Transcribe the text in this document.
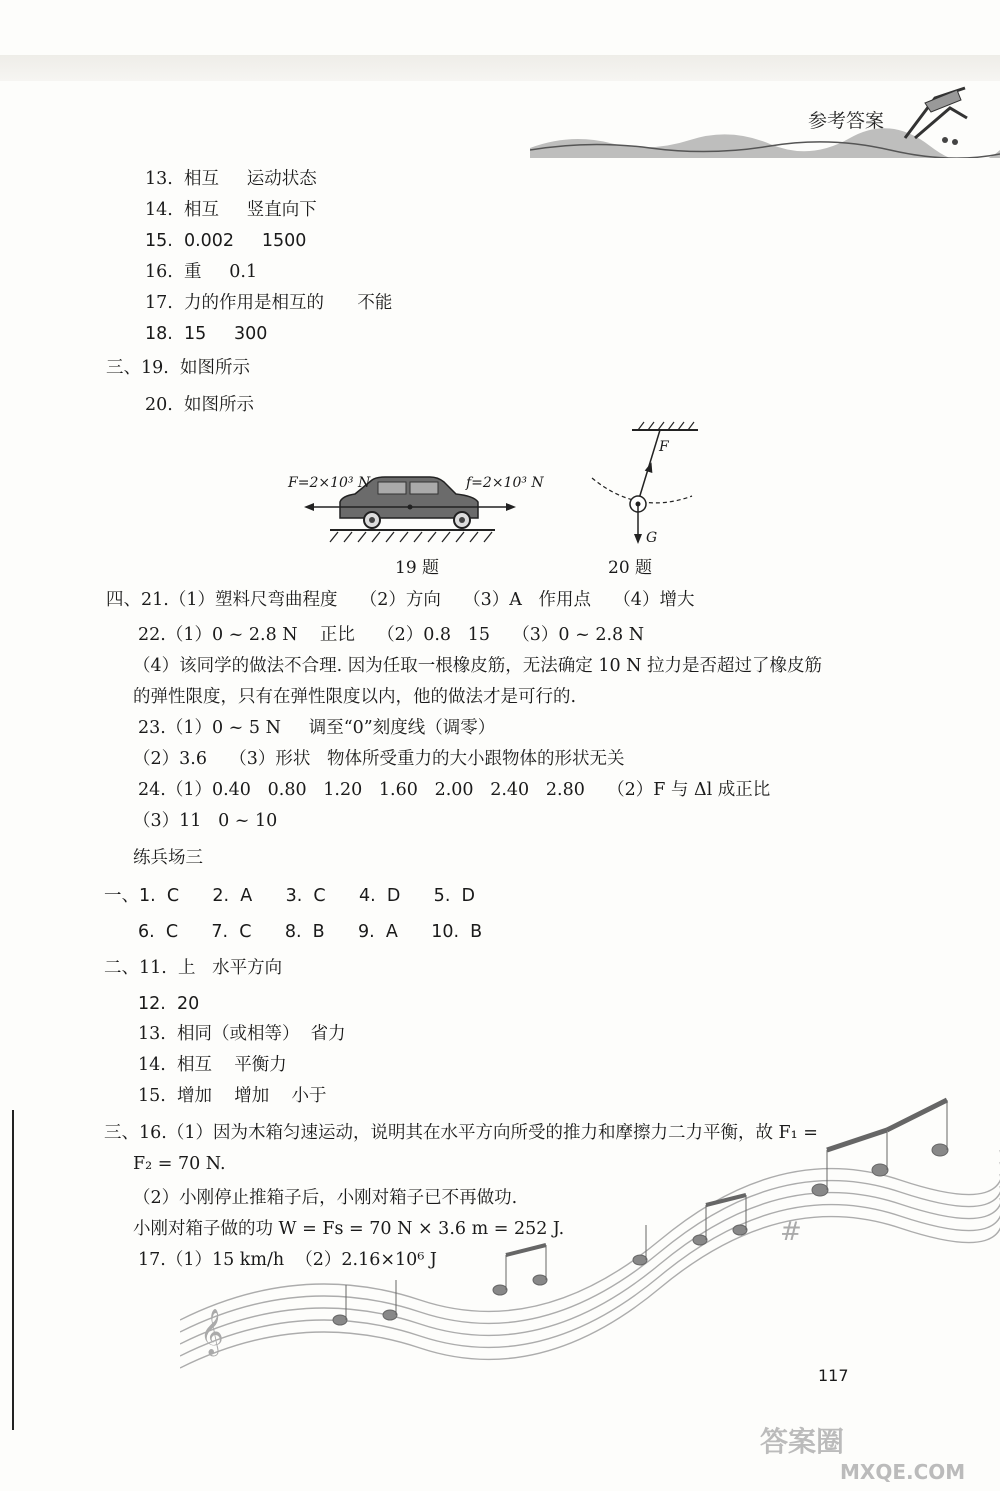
参考答案
13.  相互     运动状态
14.  相互     竖直向下
15.  0.002     1500
16.  重     0.1
17.  力的作用是相互的      不能
18.  15     300
三、19.  如图所示
20.  如图所示
F=2×10³ N	f=2×10³ N
19 题
F
G
20 题
四、21.（1）塑料尺弯曲程度    （2）方向    （3）A   作用点    （4）增大
22.（1）0 ~ 2.8 N    正比    （2）0.8   15    （3）0 ~ 2.8 N
（4）该同学的做法不合理. 因为任取一根橡皮筋，无法确定 10 N 拉力是否超过了橡皮筋
的弹性限度，只有在弹性限度以内，他的做法才是可行的.
23.（1）0 ~ 5 N     调至“0”刻度线（调零）
（2）3.6    （3）形状   物体所受重力的大小跟物体的形状无关
24.（1）0.40   0.80   1.20   1.60   2.00   2.40   2.80    （2）F 与 Δl 成正比
（3）11   0 ~ 10
练兵场三
一、1.  C      2.  A      3.  C      4.  D      5.  D
6.  C      7.  C      8.  B      9.  A      10.  B
二、11.  上   水平方向
12.  20
13.  相同（或相等）  省力
14.  相互    平衡力
15.  增加    增加    小于
三、16.（1）因为木箱匀速运动，说明其在水平方向所受的推力和摩擦力二力平衡，故 F₁ =
F₂ = 70 N.
（2）小刚停止推箱子后，小刚对箱子已不再做功.
小刚对箱子做的功 W = Fs = 70 N × 3.6 m = 252 J.
17.（1）15 km/h  （2）2.16×10⁶ J
𝄞
#
117
答案圈
MXQE.COM
